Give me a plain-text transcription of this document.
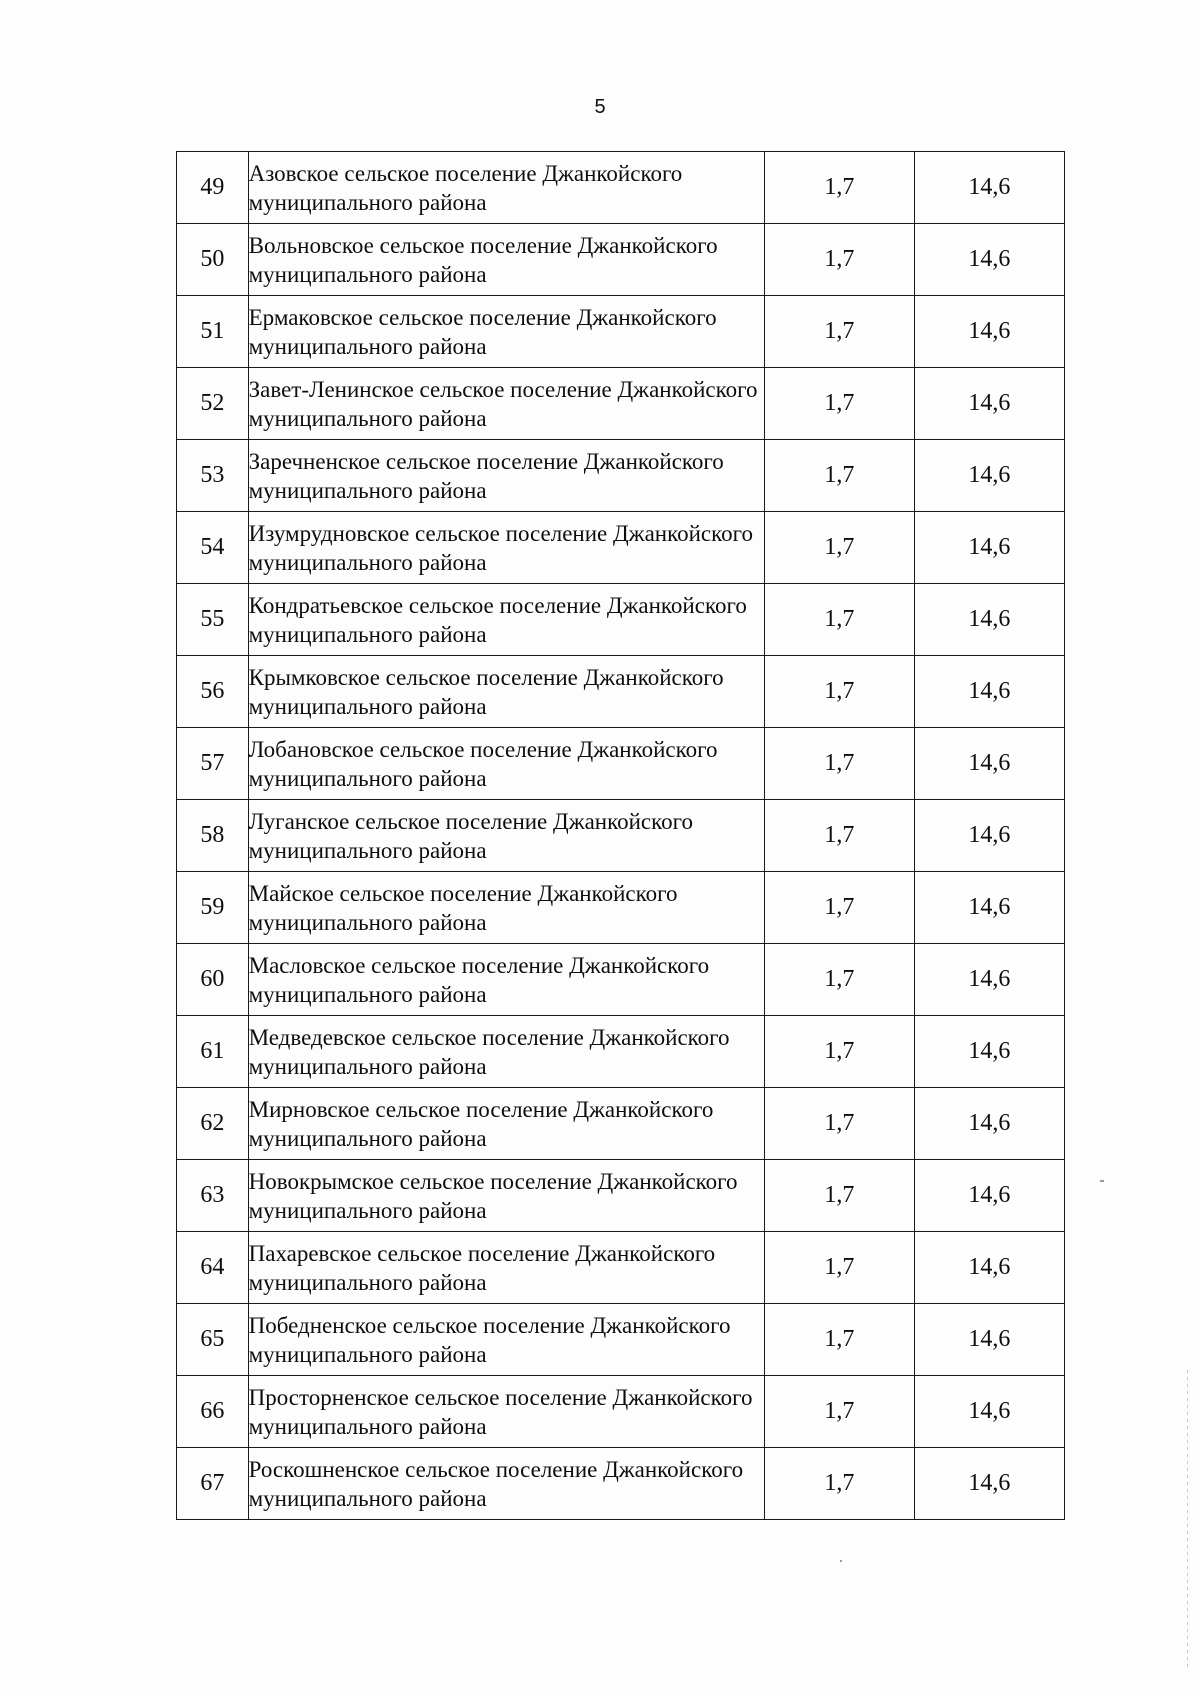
5
49	Азовское сельское поселение Джанкойского муниципального района	1,7	14,6
50	Вольновское сельское поселение Джанкойского муниципального района	1,7	14,6
51	Ермаковское сельское поселение Джанкойского муниципального района	1,7	14,6
52	Завет-Ленинское сельское поселение Джанкойского муниципального района	1,7	14,6
53	Заречненское сельское поселение Джанкойского муниципального района	1,7	14,6
54	Изумрудновское сельское поселение Джанкойского муниципального района	1,7	14,6
55	Кондратьевское сельское поселение Джанкойского муниципального района	1,7	14,6
56	Крымковское сельское поселение Джанкойского муниципального района	1,7	14,6
57	Лобановское сельское поселение Джанкойского муниципального района	1,7	14,6
58	Луганское сельское поселение Джанкойского муниципального района	1,7	14,6
59	Майское сельское поселение Джанкойского муниципального района	1,7	14,6
60	Масловское сельское поселение Джанкойского муниципального района	1,7	14,6
61	Медведевское сельское поселение Джанкойского муниципального района	1,7	14,6
62	Мирновское сельское поселение Джанкойского муниципального района	1,7	14,6
63	Новокрымское сельское поселение Джанкойского муниципального района	1,7	14,6
64	Пахаревское сельское поселение Джанкойского муниципального района	1,7	14,6
65	Победненское сельское поселение Джанкойского муниципального района	1,7	14,6
66	Просторненское сельское поселение Джанкойского муниципального района	1,7	14,6
67	Роскошненское сельское поселение Джанкойского муниципального района	1,7	14,6
